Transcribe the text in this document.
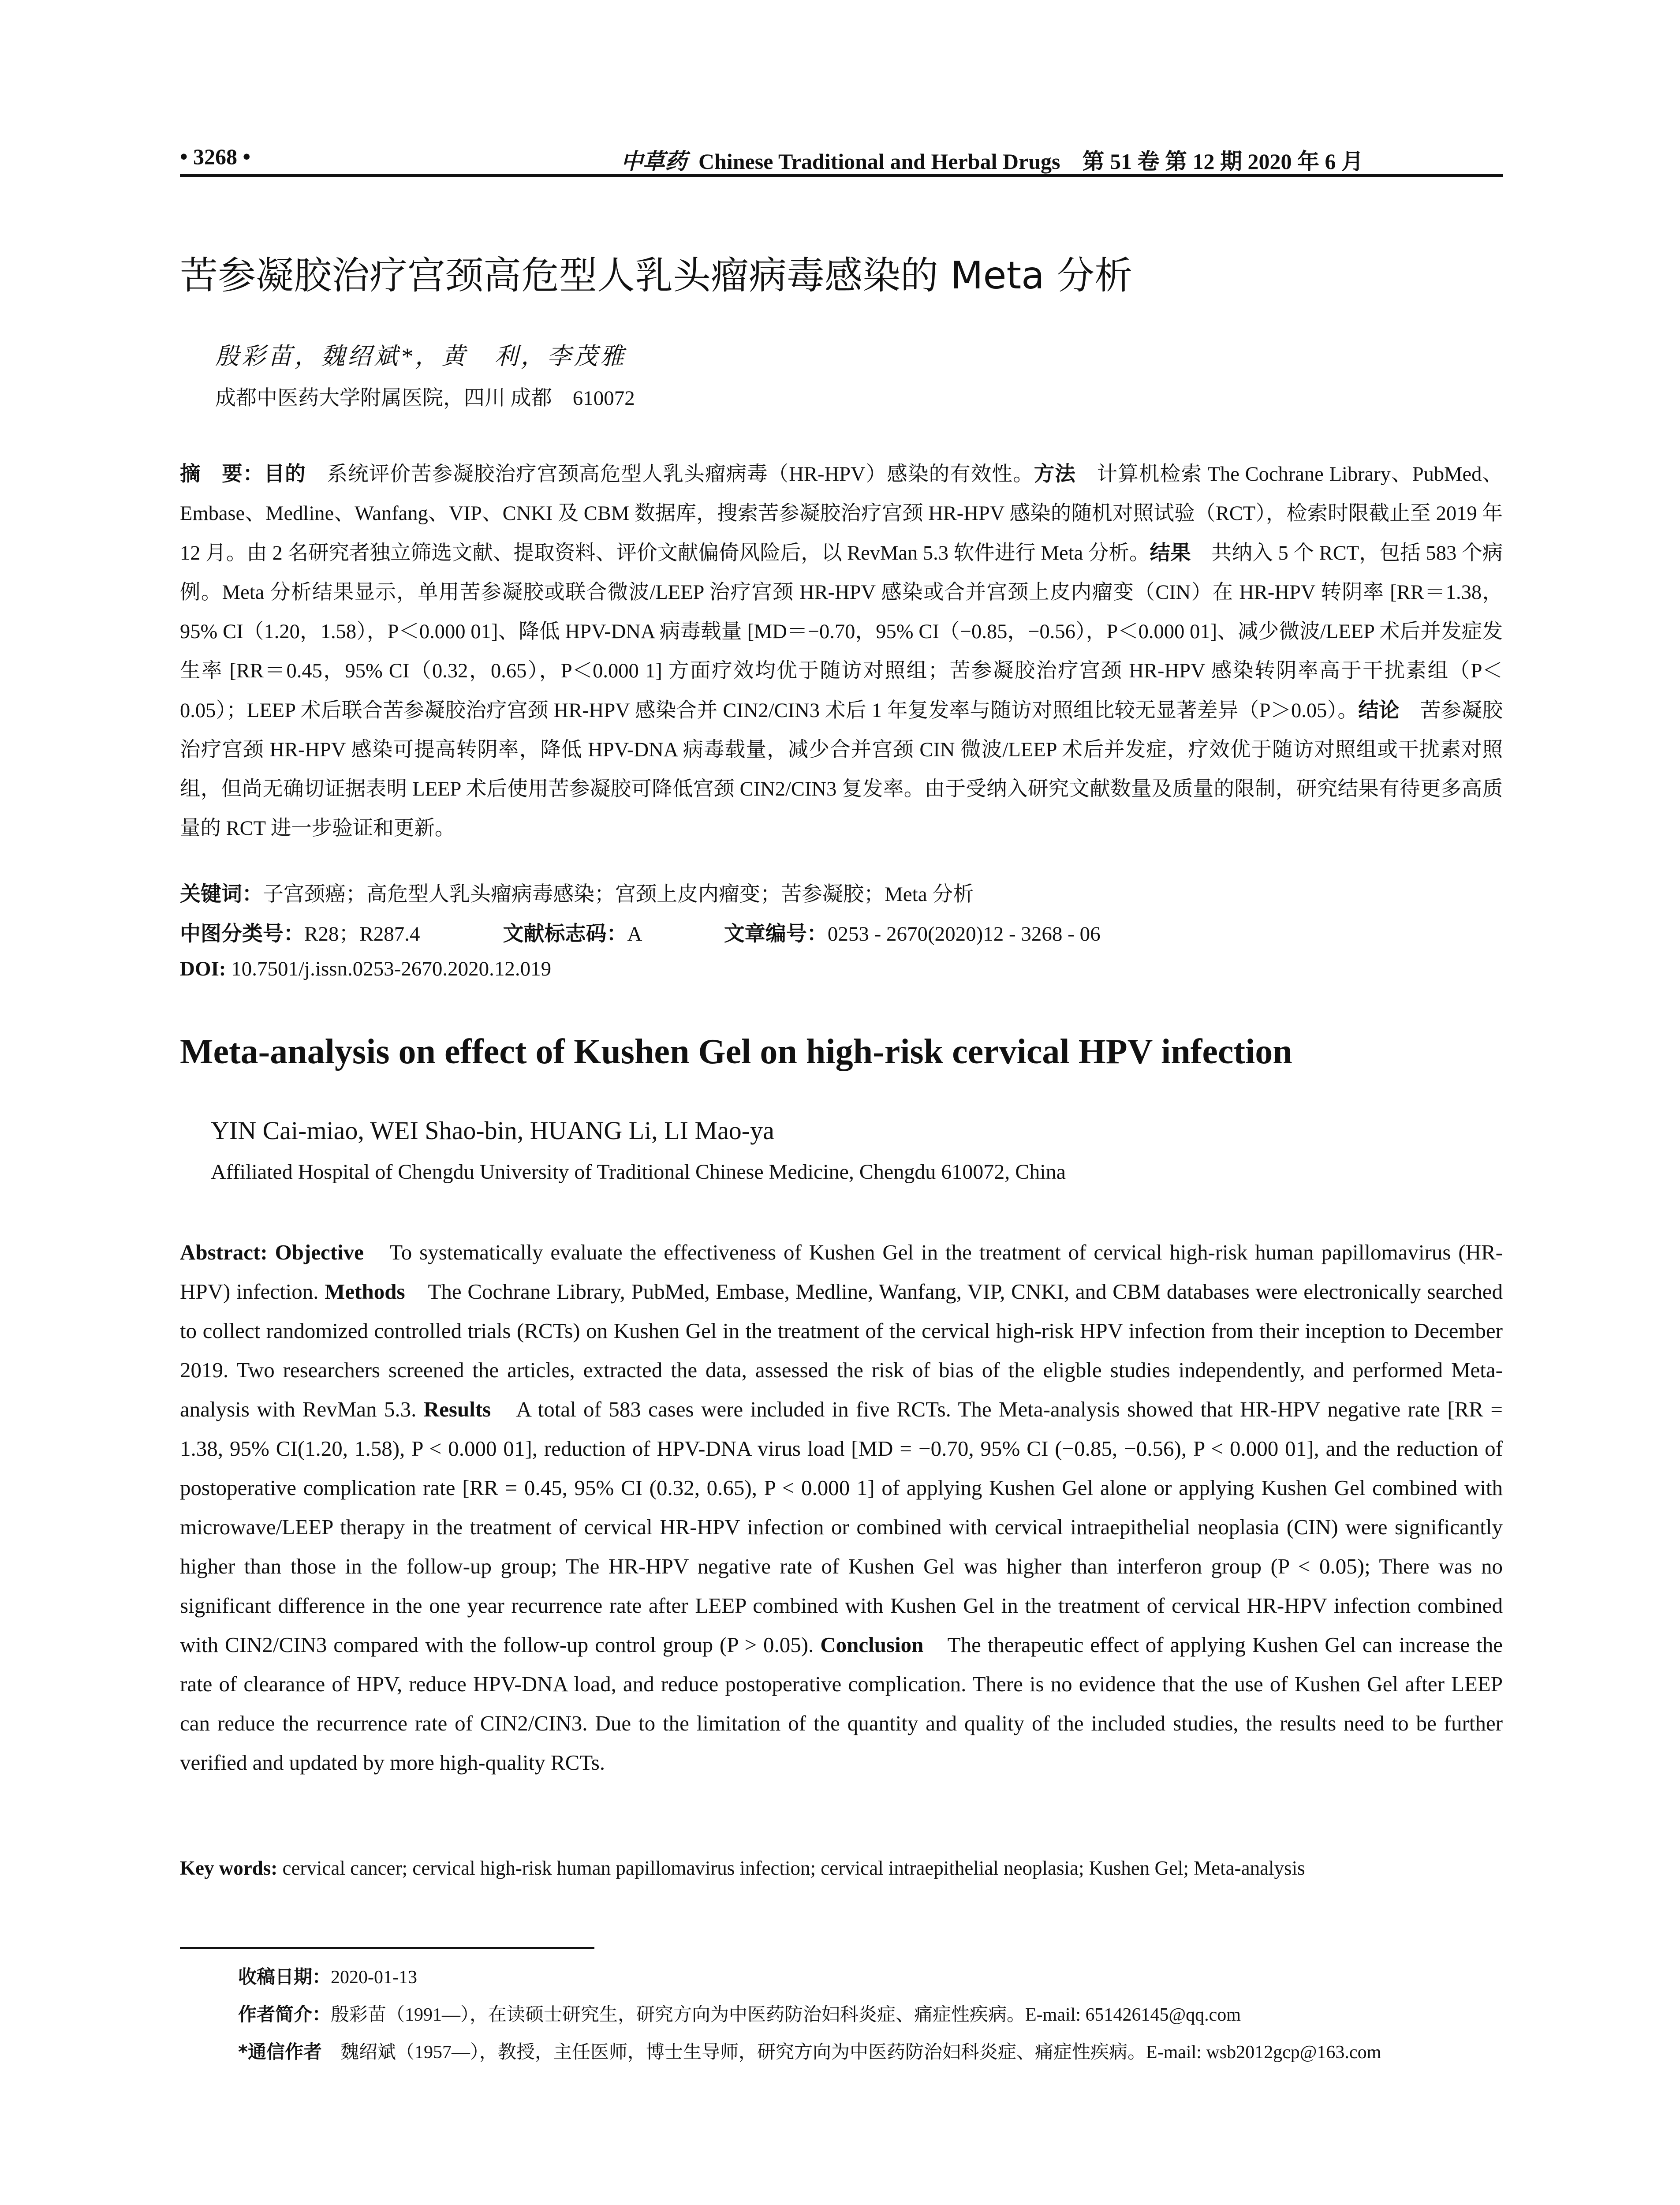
• 3268 •	中草药 Chinese Traditional and Herbal Drugs　 第 51 卷 第 12 期 2020 年 6 月
苦参凝胶治疗宫颈高危型人乳头瘤病毒感染的 Meta 分析
殷彩苗，魏绍斌*，黄　利，李茂雅
成都中医药大学附属医院，四川 成都　610072
摘　要：目的　系统评价苦参凝胶治疗宫颈高危型人乳头瘤病毒（HR-HPV）感染的有效性。方法　计算机检索 The Cochrane Library、PubMed、Embase、Medline、Wanfang、VIP、CNKI 及 CBM 数据库，搜索苦参凝胶治疗宫颈 HR-HPV 感染的随机对照试验（RCT），检索时限截止至 2019 年 12 月。由 2 名研究者独立筛选文献、提取资料、评价文献偏倚风险后，以 RevMan 5.3 软件进行 Meta 分析。结果　共纳入 5 个 RCT，包括 583 个病例。Meta 分析结果显示，单用苦参凝胶或联合微波/LEEP 治疗宫颈 HR-HPV 感染或合并宫颈上皮内瘤变（CIN）在 HR-HPV 转阴率 [RR＝1.38，95% CI（1.20，1.58），P＜0.000 01]、降低 HPV-DNA 病毒载量 [MD＝−0.70，95% CI（−0.85，−0.56），P＜0.000 01]、减少微波/LEEP 术后并发症发生率 [RR＝0.45，95% CI（0.32，0.65），P＜0.000 1] 方面疗效均优于随访对照组；苦参凝胶治疗宫颈 HR-HPV 感染转阴率高于干扰素组（P＜0.05）；LEEP 术后联合苦参凝胶治疗宫颈 HR-HPV 感染合并 CIN2/CIN3 术后 1 年复发率与随访对照组比较无显著差异（P＞0.05）。结论　苦参凝胶治疗宫颈 HR-HPV 感染可提高转阴率，降低 HPV-DNA 病毒载量，减少合并宫颈 CIN 微波/LEEP 术后并发症，疗效优于随访对照组或干扰素对照组，但尚无确切证据表明 LEEP 术后使用苦参凝胶可降低宫颈 CIN2/CIN3 复发率。由于受纳入研究文献数量及质量的限制，研究结果有待更多高质量的 RCT 进一步验证和更新。
关键词：子宫颈癌；高危型人乳头瘤病毒感染；宫颈上皮内瘤变；苦参凝胶；Meta 分析
中图分类号：R28；R287.4　　　　	文献标志码：A　　　　	文章编号：0253 - 2670(2020)12 - 3268 - 06
DOI: 10.7501/j.issn.0253-2670.2020.12.019
Meta-analysis on effect of Kushen Gel on high-risk cervical HPV infection
YIN Cai-miao, WEI Shao-bin, HUANG Li, LI Mao-ya
Affiliated Hospital of Chengdu University of Traditional Chinese Medicine, Chengdu 610072, China
Abstract: Objective　 To systematically evaluate the effectiveness of Kushen Gel in the treatment of cervical high-risk human papillomavirus (HR-HPV) infection. Methods　 The Cochrane Library, PubMed, Embase, Medline, Wanfang, VIP, CNKI, and CBM databases were electronically searched to collect randomized controlled trials (RCTs) on Kushen Gel in the treatment of the cervical high-risk HPV infection from their inception to December 2019. Two researchers screened the articles, extracted the data, assessed the risk of bias of the eligble studies independently, and performed Meta-analysis with RevMan 5.3. Results　 A total of 583 cases were included in five RCTs. The Meta-analysis showed that HR-HPV negative rate [RR = 1.38, 95% CI(1.20, 1.58), P < 0.000 01], reduction of HPV-DNA virus load [MD = −0.70, 95% CI (−0.85, −0.56), P < 0.000 01], and the reduction of postoperative complication rate [RR = 0.45, 95% CI (0.32, 0.65), P < 0.000 1] of applying Kushen Gel alone or applying Kushen Gel combined with microwave/LEEP therapy in the treatment of cervical HR-HPV infection or combined with cervical intraepithelial neoplasia (CIN) were significantly higher than those in the follow-up group; The HR-HPV negative rate of Kushen Gel was higher than interferon group (P < 0.05); There was no significant difference in the one year recurrence rate after LEEP combined with Kushen Gel in the treatment of cervical HR-HPV infection combined with CIN2/CIN3 compared with the follow-up control group (P > 0.05). Conclusion　 The therapeutic effect of applying Kushen Gel can increase the rate of clearance of HPV, reduce HPV-DNA load, and reduce postoperative complication. There is no evidence that the use of Kushen Gel after LEEP can reduce the recurrence rate of CIN2/CIN3. Due to the limitation of the quantity and quality of the included studies, the results need to be further verified and updated by more high-quality RCTs.
Key words: cervical cancer; cervical high-risk human papillomavirus infection; cervical intraepithelial neoplasia; Kushen Gel; Meta-analysis
收稿日期：2020-01-13
作者简介：殷彩苗（1991—），在读硕士研究生，研究方向为中医药防治妇科炎症、痛症性疾病。E-mail: 651426145@qq.com
*通信作者　魏绍斌（1957—），教授，主任医师，博士生导师，研究方向为中医药防治妇科炎症、痛症性疾病。E-mail: wsb2012gcp@163.com
